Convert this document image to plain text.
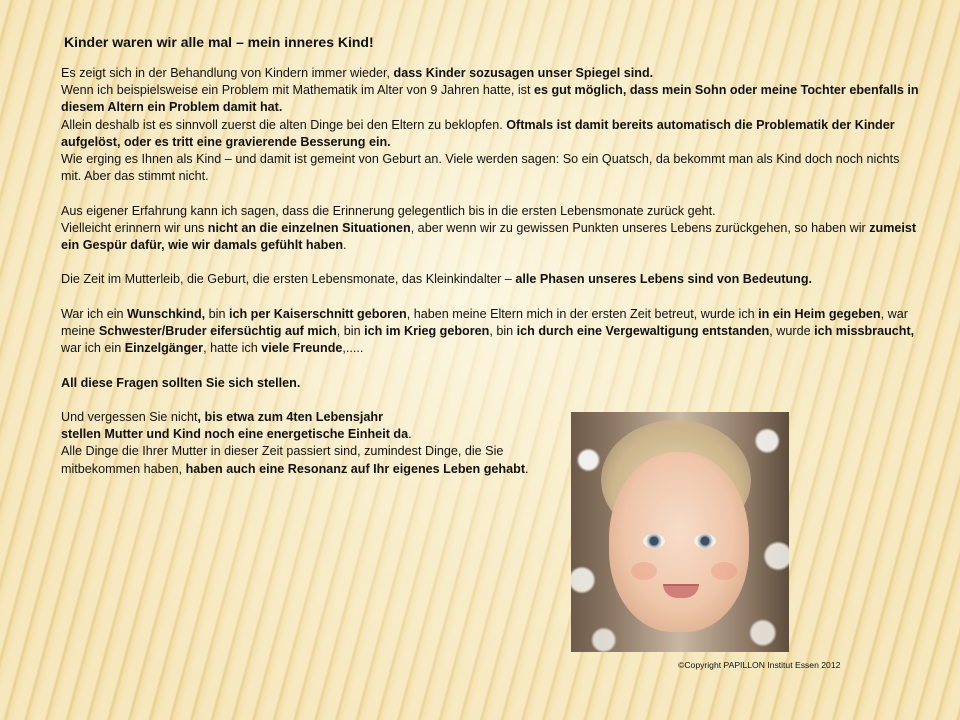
Kinder waren wir alle mal – mein inneres Kind!

Es zeigt sich in der Behandlung von Kindern immer wieder, dass Kinder sozusagen unser Spiegel sind.
Wenn ich beispielsweise ein Problem mit Mathematik im Alter von 9 Jahren hatte, ist es gut möglich, dass mein Sohn oder meine Tochter ebenfalls in diesem Altern ein Problem damit hat.
Allein deshalb ist es sinnvoll zuerst die alten Dinge bei den Eltern zu beklopfen. Oftmals ist damit bereits automatisch die Problematik der Kinder aufgelöst, oder es tritt eine gravierende Besserung ein.
Wie erging es Ihnen als Kind – und damit ist gemeint von Geburt an. Viele werden sagen: So ein Quatsch, da bekommt man als Kind doch noch nichts mit. Aber das stimmt nicht.

Aus eigener Erfahrung kann ich sagen, dass die Erinnerung gelegentlich bis in die ersten Lebensmonate zurück geht.
Vielleicht erinnern wir uns nicht an die einzelnen Situationen, aber wenn wir zu gewissen Punkten unseres Lebens zurückgehen, so haben wir zumeist ein Gespür dafür, wie wir damals gefühlt haben.

Die Zeit im Mutterleib, die Geburt, die ersten Lebensmonate, das Kleinkindalter – alle Phasen unseres Lebens sind von Bedeutung.

War ich ein Wunschkind, bin ich per Kaiserschnitt geboren, haben meine Eltern mich in der ersten Zeit betreut, wurde ich in ein Heim gegeben, war meine Schwester/Bruder eifersüchtig auf mich, bin ich im Krieg geboren, bin ich durch eine Vergewaltigung entstanden, wurde ich missbraucht, war ich ein Einzelgänger, hatte ich viele Freunde,.....

All diese Fragen sollten Sie sich stellen.

Und vergessen Sie nicht, bis etwa zum 4ten Lebensjahr
stellen Mutter und Kind noch eine energetische Einheit da.
Alle Dinge die Ihrer Mutter in dieser Zeit passiert sind, zumindest Dinge, die Sie mitbekommen haben, haben auch eine Resonanz auf Ihr eigenes Leben gehabt.

©Copyright PAPILLON Institut Essen 2012
